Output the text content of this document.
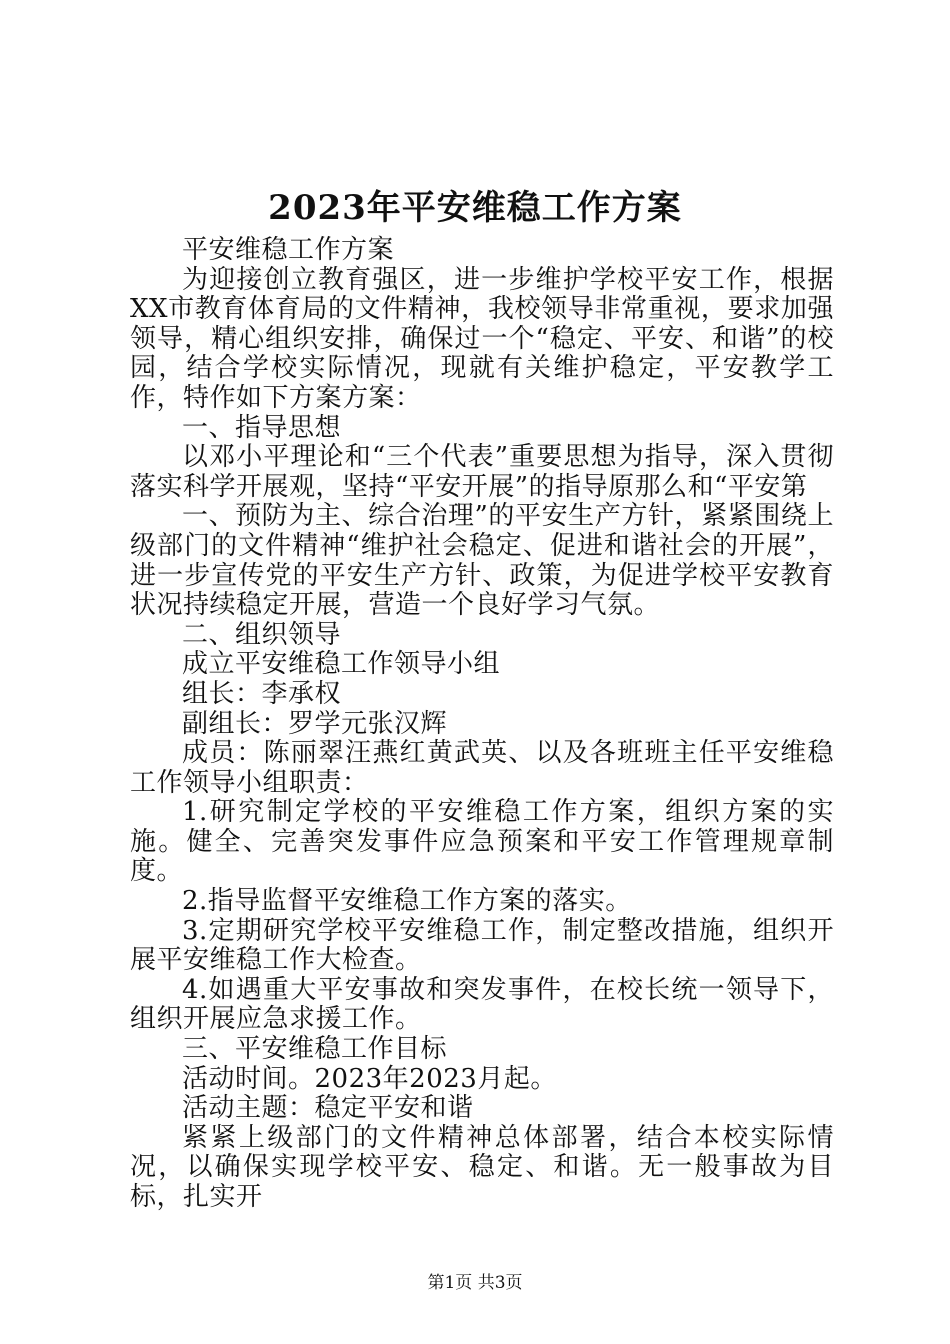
2023年平安维稳工作方案

平安维稳工作方案

为迎接创立教育强区，进一步维护学校平安工作，根据XX市教育体育局的文件精神，我校领导非常重视，要求加强领导，精心组织安排，确保过一个“稳定、平安、和谐”的校园，结合学校实际情况，现就有关维护稳定，平安教学工作，特作如下方案方案：

一、指导思想

以邓小平理论和“三个代表”重要思想为指导，深入贯彻落实科学开展观，坚持“平安开展”的指导原那么和“平安第

一、预防为主、综合治理”的平安生产方针，紧紧围绕上级部门的文件精神“维护社会稳定、促进和谐社会的开展”，进一步宣传党的平安生产方针、政策，为促进学校平安教育状况持续稳定开展，营造一个良好学习气氛。

二、组织领导

成立平安维稳工作领导小组

组长：李承权

副组长：罗学元张汉辉

成员：陈丽翠汪燕红黄武英、以及各班班主任平安维稳工作领导小组职责：

1.研究制定学校的平安维稳工作方案，组织方案的实施。健全、完善突发事件应急预案和平安工作管理规章制度。

2.指导监督平安维稳工作方案的落实。

3.定期研究学校平安维稳工作，制定整改措施，组织开展平安维稳工作大检查。

4.如遇重大平安事故和突发事件，在校长统一领导下，组织开展应急求援工作。

三、平安维稳工作目标

活动时间。2023年2023月起。

活动主题：稳定平安和谐

紧紧上级部门的文件精神总体部署，结合本校实际情况，以确保实现学校平安、稳定、和谐。无一般事故为目标，扎实开

第1页 共3页
